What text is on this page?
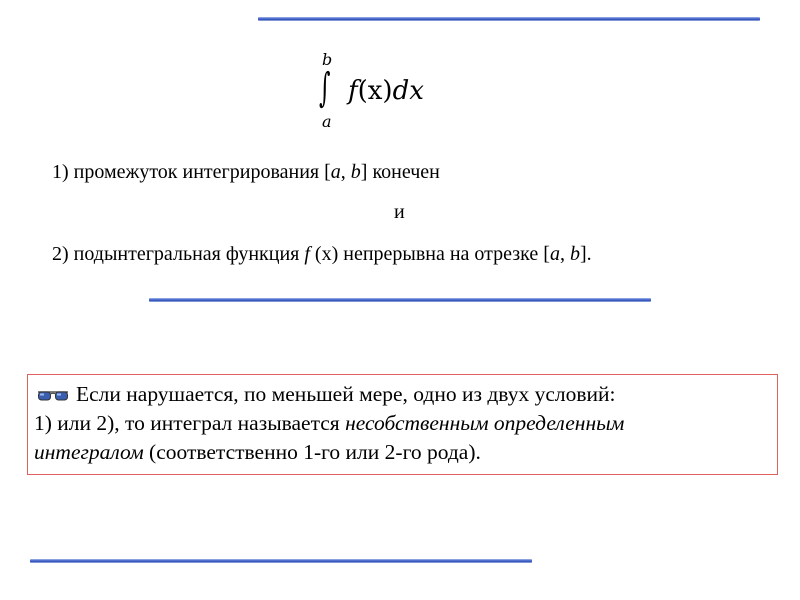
b
∫
a
f(x)dx
1) промежуток интегрирования [a, b] конечен
и
2) подынтегральная функция f (x) непрерывна на отрезке [a, b].
Если нарушается, по меньшей мере, одно из двух условий:
1) или 2), то интеграл называется несобственным определенным
интегралом (соответственно 1-го или 2-го рода).
